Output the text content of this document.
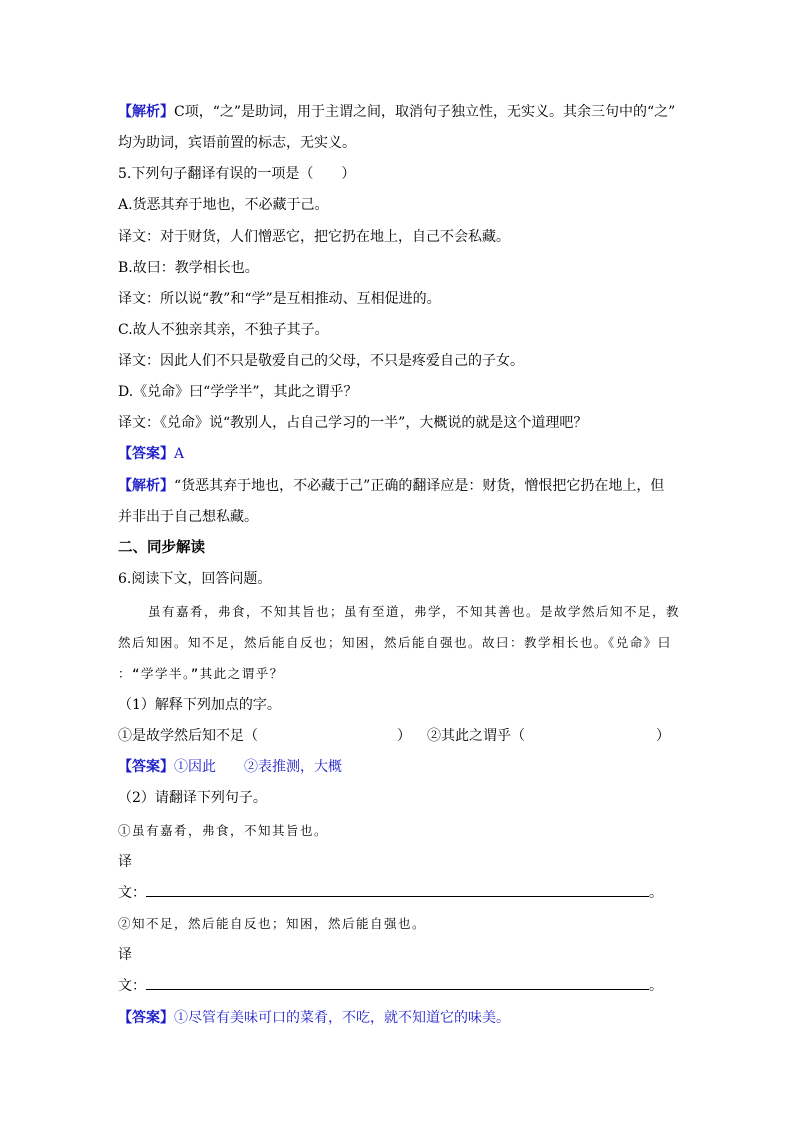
【解析】C项，“之”是助词，用于主谓之间，取消句子独立性，无实义。其余三句中的“之”
均为助词，宾语前置的标志，无实义。
5.下列句子翻译有误的一项是（　　）
A.货恶其弃于地也，不必藏于己。
译文：对于财货，人们憎恶它，把它扔在地上，自己不会私藏。
B.故曰：教学相长也。
译文：所以说“教”和“学”是互相推动、互相促进的。
C.故人不独亲其亲，不独子其子。
译文：因此人们不只是敬爱自己的父母，不只是疼爱自己的子女。
D.《兑命》曰“学学半”，其此之谓乎？
译文：《兑命》说“教别人，占自己学习的一半”，大概说的就是这个道理吧？
【答案】A
【解析】“货恶其弃于地也，不必藏于己”正确的翻译应是：财货，憎恨把它扔在地上，但
并非出于自己想私藏。
二、同步解读
6.阅读下文，回答问题。
虽有嘉肴，弗食，不知其旨也；虽有至道，弗学，不知其善也。是故学然后知不足，教
然后知困。知不足，然后能自反也；知困，然后能自强也。故曰：教学相长也。《兑命》曰
：“学学半。”其此之谓乎？
（1）解释下列加点的字。
①是故学然后知不足（	） ②其此之谓乎（	）
【答案】①因此　　②表推测，大概
（2）请翻译下列句子。
①虽有嘉肴，弗食，不知其旨也。
译
文：	。
②知不足，然后能自反也；知困，然后能自强也。
译
文：	。
【答案】①尽管有美味可口的菜肴，不吃，就不知道它的味美。
